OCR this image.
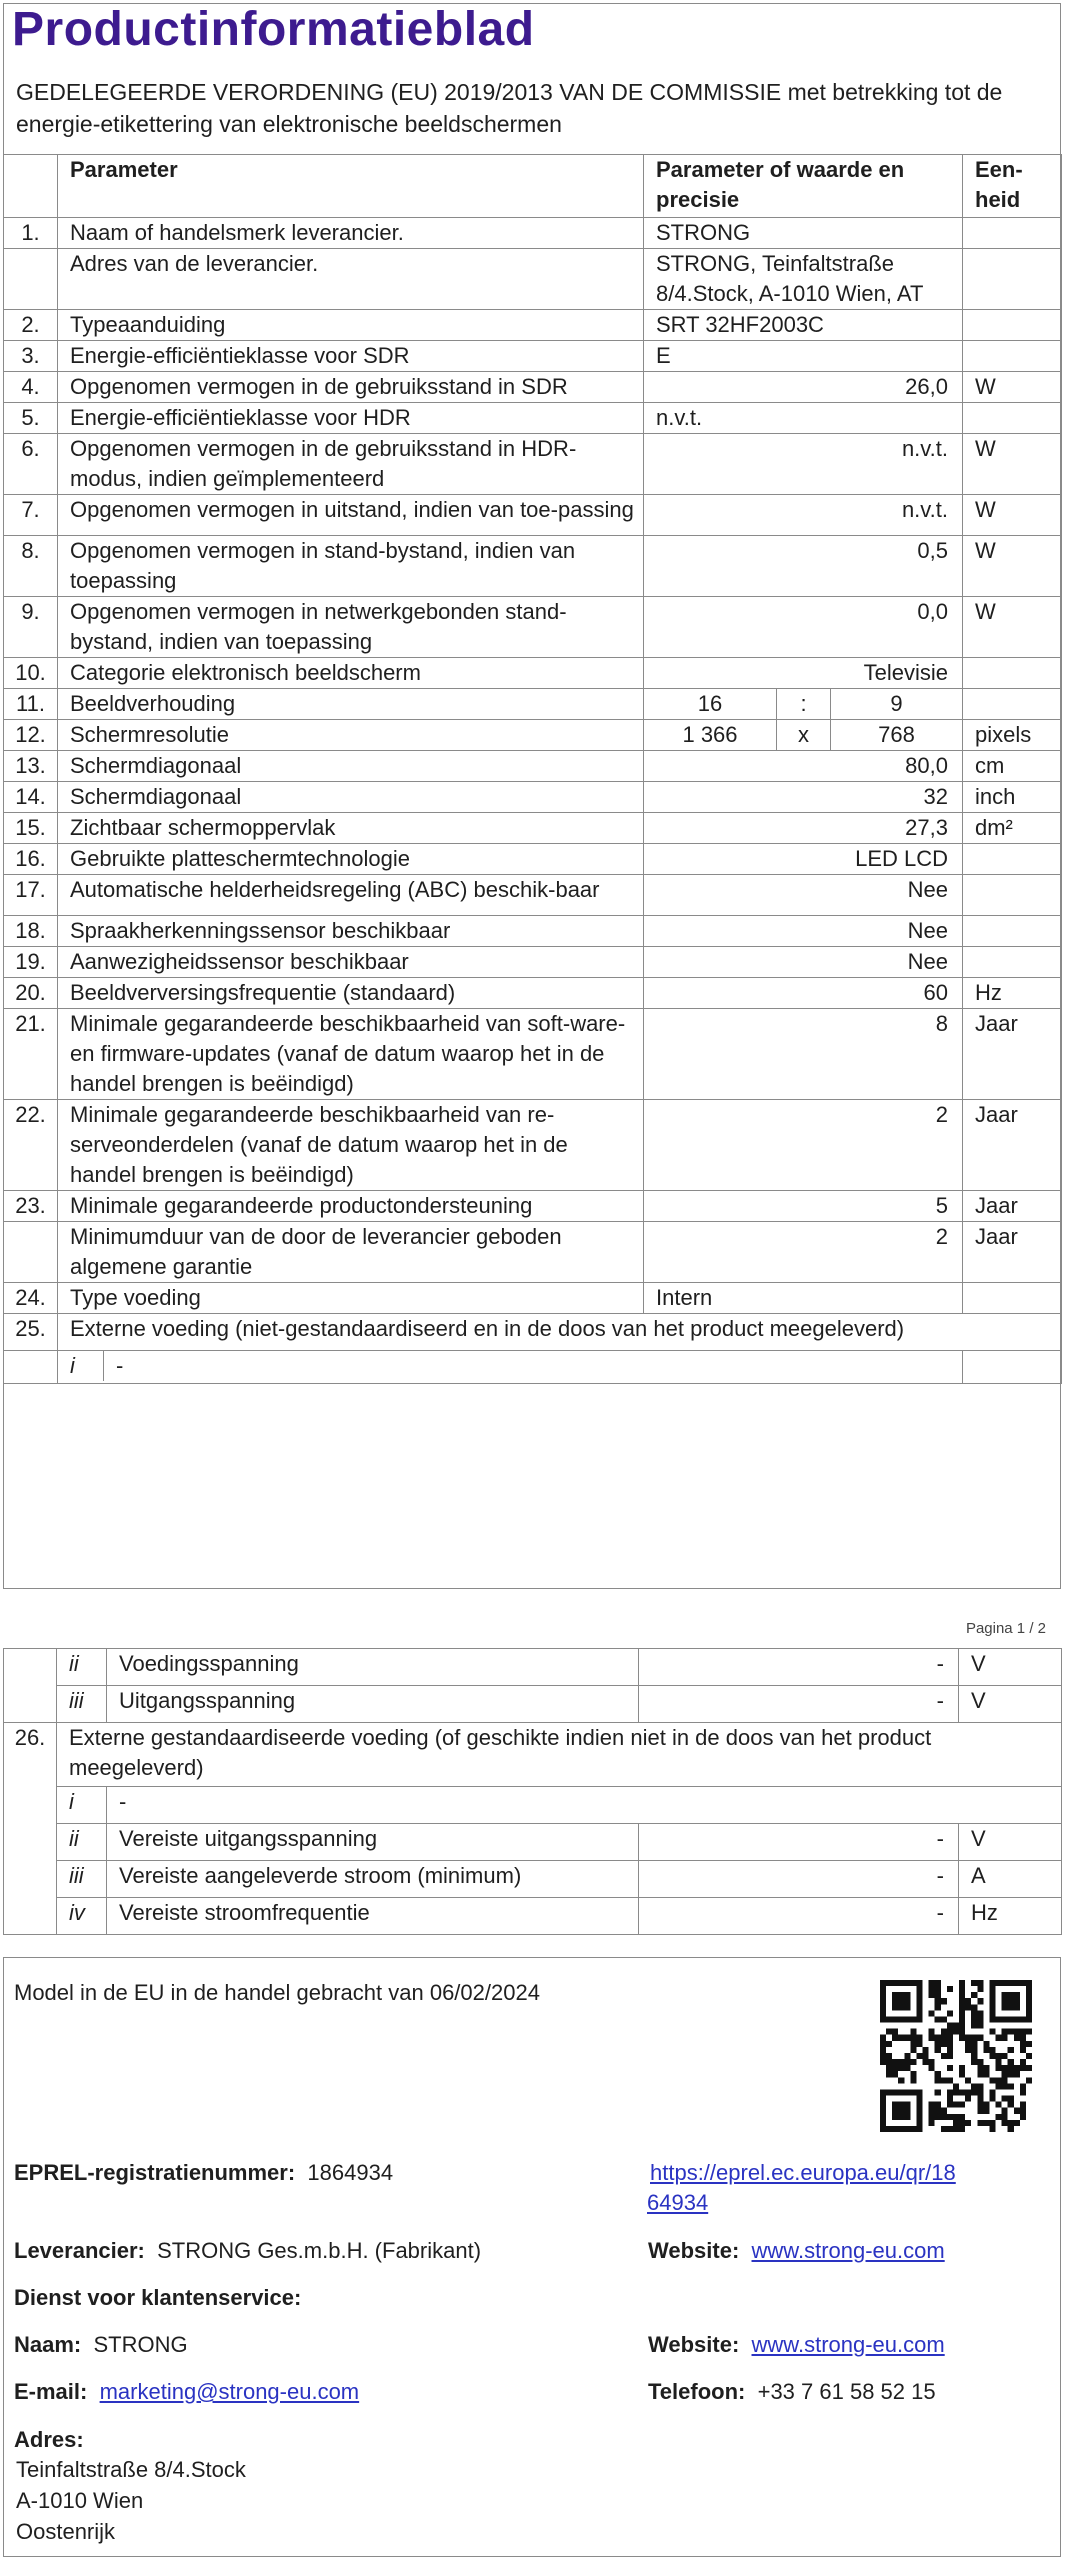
Productinformatieblad
GEDELEGEERDE VERORDENING (EU) 2019/2013 VAN DE COMMISSIE met betrekking tot de energie-etikettering van elektronische beeldschermen
	Parameter	Parameter of waarde en precisie			Een-heid
1.	Naam of handelsmerk leverancier.	STRONG			
	Adres van de leverancier.	STRONG, Teinfaltstraße 8/4.Stock, A-1010 Wien, AT			
2.	Typeaanduiding	SRT 32HF2003C			
3.	Energie-efficiëntieklasse voor SDR	E			
4.	Opgenomen vermogen in de gebruiksstand in SDR	26,0			W
5.	Energie-efficiëntieklasse voor HDR	n.v.t.			
6.	Opgenomen vermogen in de gebruiksstand in HDR-modus, indien geïmplementeerd	n.v.t.			W
7.	Opgenomen vermogen in uitstand, indien van toe-passing	n.v.t.			W
8.	Opgenomen vermogen in stand-bystand, indien van toepassing	0,5			W
9.	Opgenomen vermogen in netwerkgebonden stand-bystand, indien van toepassing	0,0			W
10.	Categorie elektronisch beeldscherm	Televisie			
11.	Beeldverhouding	16	:	9	
12.	Schermresolutie	1 366	x	768	pixels
13.	Schermdiagonaal	80,0			cm
14.	Schermdiagonaal	32			inch
15.	Zichtbaar schermoppervlak	27,3			dm²
16.	Gebruikte platteschermtechnologie	LED LCD			
17.	Automatische helderheidsregeling (ABC) beschik-baar	Nee			
18.	Spraakherkenningssensor beschikbaar	Nee			
19.	Aanwezigheidssensor beschikbaar	Nee			
20.	Beeldverversingsfrequentie (standaard)	60			Hz
21.	Minimale gegarandeerde beschikbaarheid van soft-ware- en firmware-updates (vanaf de datum waarop het in de handel brengen is beëindigd)	8			Jaar
22.	Minimale gegarandeerde beschikbaarheid van re-serveonderdelen (vanaf de datum waarop het in de handel brengen is beëindigd)	2			Jaar
23.	Minimale gegarandeerde productondersteuning	5			Jaar
	Minimumduur van de door de leverancier geboden algemene garantie	2			Jaar
24.	Type voeding	Intern			
25.	Externe voeding (niet-gestandaardiseerd en in de doos van het product meegeleverd)				
	i -				
Pagina 1 / 2
	ii	Voedingsspanning	-	V
	iii	Uitgangsspanning	-	V
26.	Externe gestandaardiseerde voeding (of geschikte indien niet in de doos van het product meegeleverd)			
	i	-		
	ii	Vereiste uitgangsspanning	-	V
	iii	Vereiste aangeleverde stroom (minimum)	-	A
	iv	Vereiste stroomfrequentie	-	Hz
Model in de EU in de handel gebracht van 06/02/2024
EPREL-registratienummer: 1864934	https://eprel.ec.europa.eu/qr/18
64934
Leverancier: STRONG Ges.m.b.H. (Fabrikant)	Website: www.strong-eu.com
Dienst voor klantenservice:
Naam: STRONG	Website: www.strong-eu.com
E-mail: marketing@strong-eu.com	Telefoon: +33 7 61 58 52 15
Adres:
Teinfaltstraße 8/4.Stock
A-1010 Wien
Oostenrijk
